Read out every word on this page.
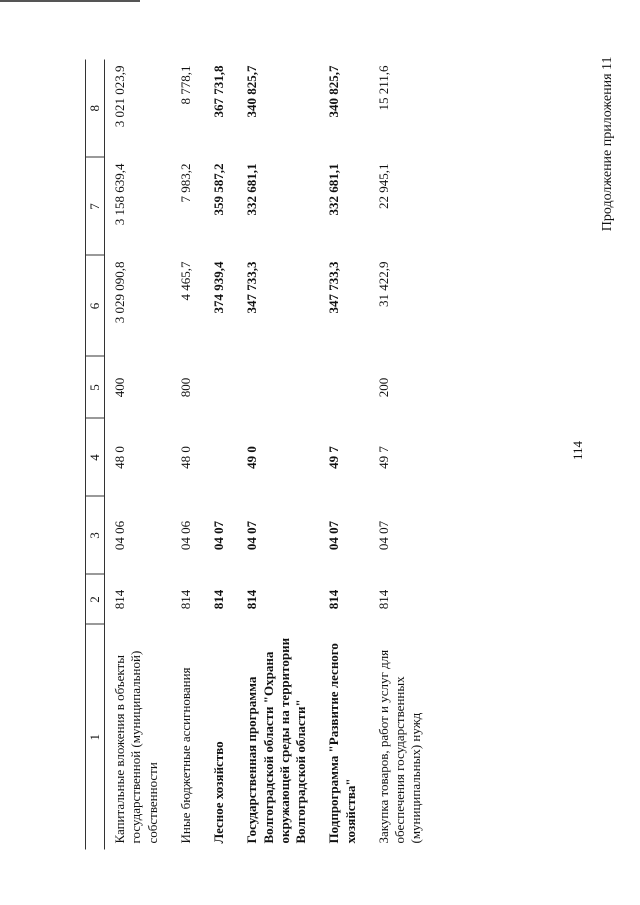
114
Продолжение приложения 11
1	2	3	4	5	6	7	8
Капитальные вложения в объекты государственной (муниципальной) собственности	814	04 06	48 0	400	3 029 090,8	3 158 639,4	3 021 023,9
Иные бюджетные ассигнования	814	04 06	48 0	800	4 465,7	7 983,2	8 778,1
Лесное хозяйство	814	04 07			374 939,4	359 587,2	367 731,8
Государственная программа Волгоградской области "Охрана окружающей среды на территории Волгоградской области"	814	04 07	49 0		347 733,3	332 681,1	340 825,7
Подпрограмма "Развитие лесного хозяйства"	814	04 07	49 7		347 733,3	332 681,1	340 825,7
Закупка товаров, работ и услуг для обеспечения государственных (муниципальных) нужд	814	04 07	49 7	200	31 422,9	22 945,1	15 211,6
